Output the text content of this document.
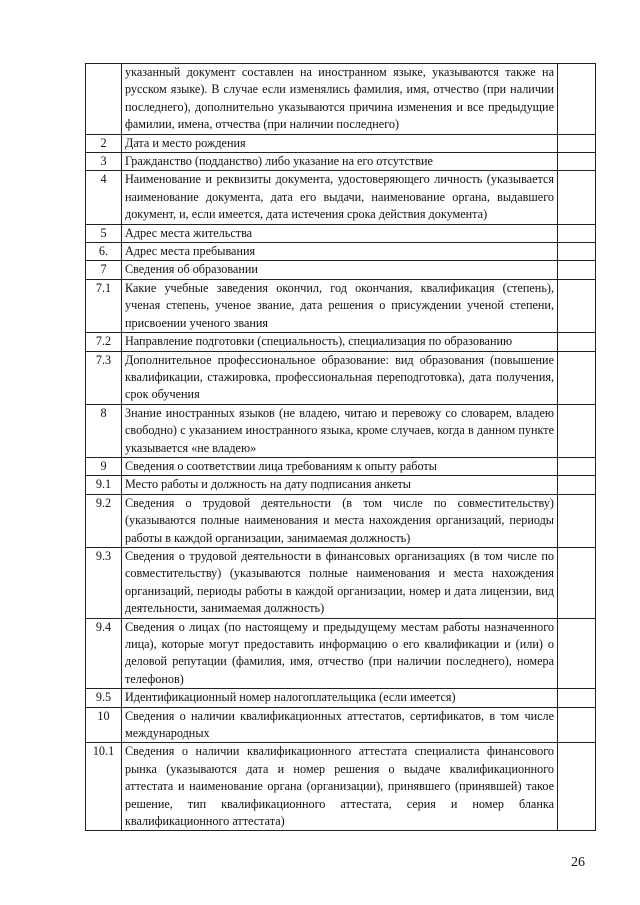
	указанный документ составлен на иностранном языке, указываются также на русском языке). В случае если изменялись фамилия, имя, отчество (при наличии последнего), дополнительно указываются причина изменения и все предыдущие фамилии, имена, отчества (при наличии последнего)	
2	Дата и место рождения	
3	Гражданство (подданство) либо указание на его отсутствие	
4	Наименование и реквизиты документа, удостоверяющего личность (указывается наименование документа, дата его выдачи, наименование органа, выдавшего документ, и, если имеется, дата истечения срока действия документа)	
5	Адрес места жительства	
6.	Адрес места пребывания	
7	Сведения об образовании	
7.1	Какие учебные заведения окончил, год окончания, квалификация (степень), ученая степень, ученое звание, дата решения о присуждении ученой степени, присвоении ученого звания	
7.2	Направление подготовки (специальность), специализация по образованию	
7.3	Дополнительное профессиональное образование: вид образования (повышение квалификации, стажировка, профессиональная переподготовка), дата получения, срок обучения	
8	Знание иностранных языков (не владею, читаю и перевожу со словарем, владею свободно) с указанием иностранного языка, кроме случаев, когда в данном пункте указывается «не владею»	
9	Сведения о соответствии лица требованиям к опыту работы	
9.1	Место работы и должность на дату подписания анкеты	
9.2	Сведения о трудовой деятельности (в том числе по совместительству) (указываются полные наименования и места нахождения организаций, периоды работы в каждой организации, занимаемая должность)	
9.3	Сведения о трудовой деятельности в финансовых организациях (в том числе по совместительству) (указываются полные наименования и места нахождения организаций, периоды работы в каждой организации, номер и дата лицензии, вид деятельности, занимаемая должность)	
9.4	Сведения о лицах (по настоящему и предыдущему местам работы назначенного лица), которые могут предоставить информацию о его квалификации и (или) о деловой репутации (фамилия, имя, отчество (при наличии последнего), номера телефонов)	
9.5	Идентификационный номер налогоплательщика (если имеется)	
10	Сведения о наличии квалификационных аттестатов, сертификатов, в том числе международных	
10.1	Сведения о наличии квалификационного аттестата специалиста финансового рынка (указываются дата и номер решения о выдаче квалификационного аттестата и наименование органа (организации), принявшего (принявшей) такое решение, тип квалификационного аттестата, серия и номер бланка квалификационного аттестата)	
26
